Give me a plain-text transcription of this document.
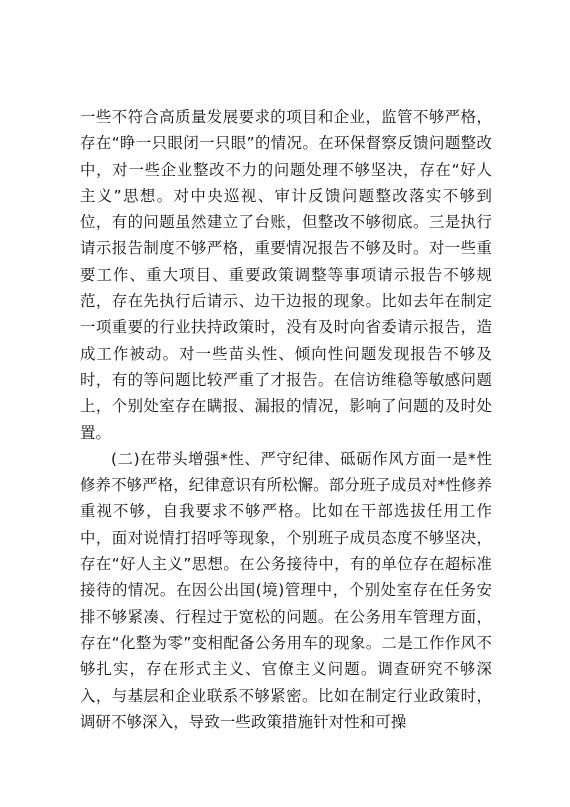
一些不符合高质量发展要求的项目和企业，监管不够严格，存在“睁一只眼闭一只眼”的情况。在环保督察反馈问题整改中，对一些企业整改不力的问题处理不够坚决，存在“好人主义”思想。对中央巡视、审计反馈问题整改落实不够到位，有的问题虽然建立了台账，但整改不够彻底。三是执行请示报告制度不够严格，重要情况报告不够及时。对一些重要工作、重大项目、重要政策调整等事项请示报告不够规范，存在先执行后请示、边干边报的现象。比如去年在制定一项重要的行业扶持政策时，没有及时向省委请示报告，造成工作被动。对一些苗头性、倾向性问题发现报告不够及时，有的等问题比较严重了才报告。在信访维稳等敏感问题上，个别处室存在瞒报、漏报的情况，影响了问题的及时处置。

(二)在带头增强*性、严守纪律、砥砺作风方面一是*性修养不够严格，纪律意识有所松懈。部分班子成员对*性修养重视不够，自我要求不够严格。比如在干部选拔任用工作中，面对说情打招呼等现象，个别班子成员态度不够坚决，存在“好人主义”思想。在公务接待中，有的单位存在超标准接待的情况。在因公出国(境)管理中，个别处室存在任务安排不够紧凑、行程过于宽松的问题。在公务用车管理方面，存在“化整为零”变相配备公务用车的现象。二是工作作风不够扎实，存在形式主义、官僚主义问题。调查研究不够深入，与基层和企业联系不够紧密。比如在制定行业政策时，调研不够深入，导致一些政策措施针对性和可操
